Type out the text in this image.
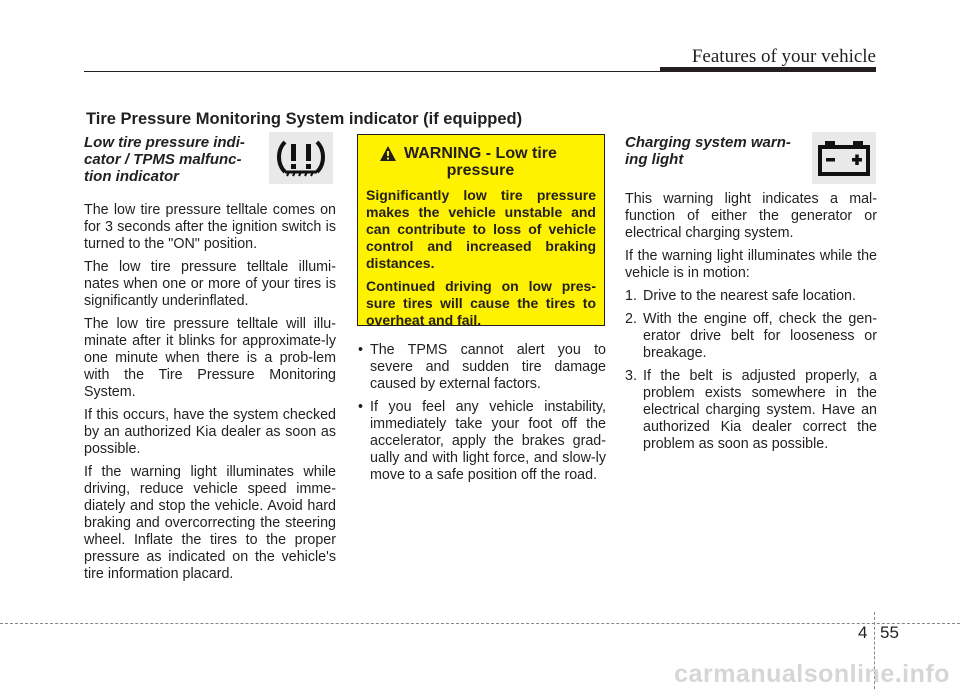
Features of your vehicle
Tire Pressure Monitoring System indicator (if equipped)
Low tire pressure indi-cator / TPMS malfunc-tion indicator

The low tire pressure telltale comes on for 3 seconds after the ignition switch is turned to the "ON" position.

The low tire pressure telltale illumi-nates when one or more of your tires is significantly underinflated.

The low tire pressure telltale will illu-minate after it blinks for approximate-ly one minute when there is a prob-lem with the Tire Pressure Monitoring System.

If this occurs, have the system checked by an authorized Kia dealer as soon as possible.

If the warning light illuminates while driving, reduce vehicle speed imme-diately and stop the vehicle. Avoid hard braking and overcorrecting the steering wheel. Inflate the tires to the proper pressure as indicated on the vehicle's tire information placard.

WARNING - Low tire
pressure

Significantly low tire pressure makes the vehicle unstable and can contribute to loss of vehicle control and increased braking distances.

Continued driving on low pres-sure tires will cause the tires to overheat and fail.

• The TPMS cannot alert you to severe and sudden tire damage caused by external factors.
• If you feel any vehicle instability, immediately take your foot off the accelerator, apply the brakes grad-ually and with light force, and slow-ly move to a safe position off the road.
Charging system warn-ing light

This warning light indicates a mal-function of either the generator or electrical charging system.

If the warning light illuminates while the vehicle is in motion:

1. Drive to the nearest safe location.
2. With the engine off, check the gen-erator drive belt for looseness or breakage.
3. If the belt is adjusted properly, a problem exists somewhere in the electrical charging system. Have an authorized Kia dealer correct the problem as soon as possible.
4 55
carmanualsonline.info
